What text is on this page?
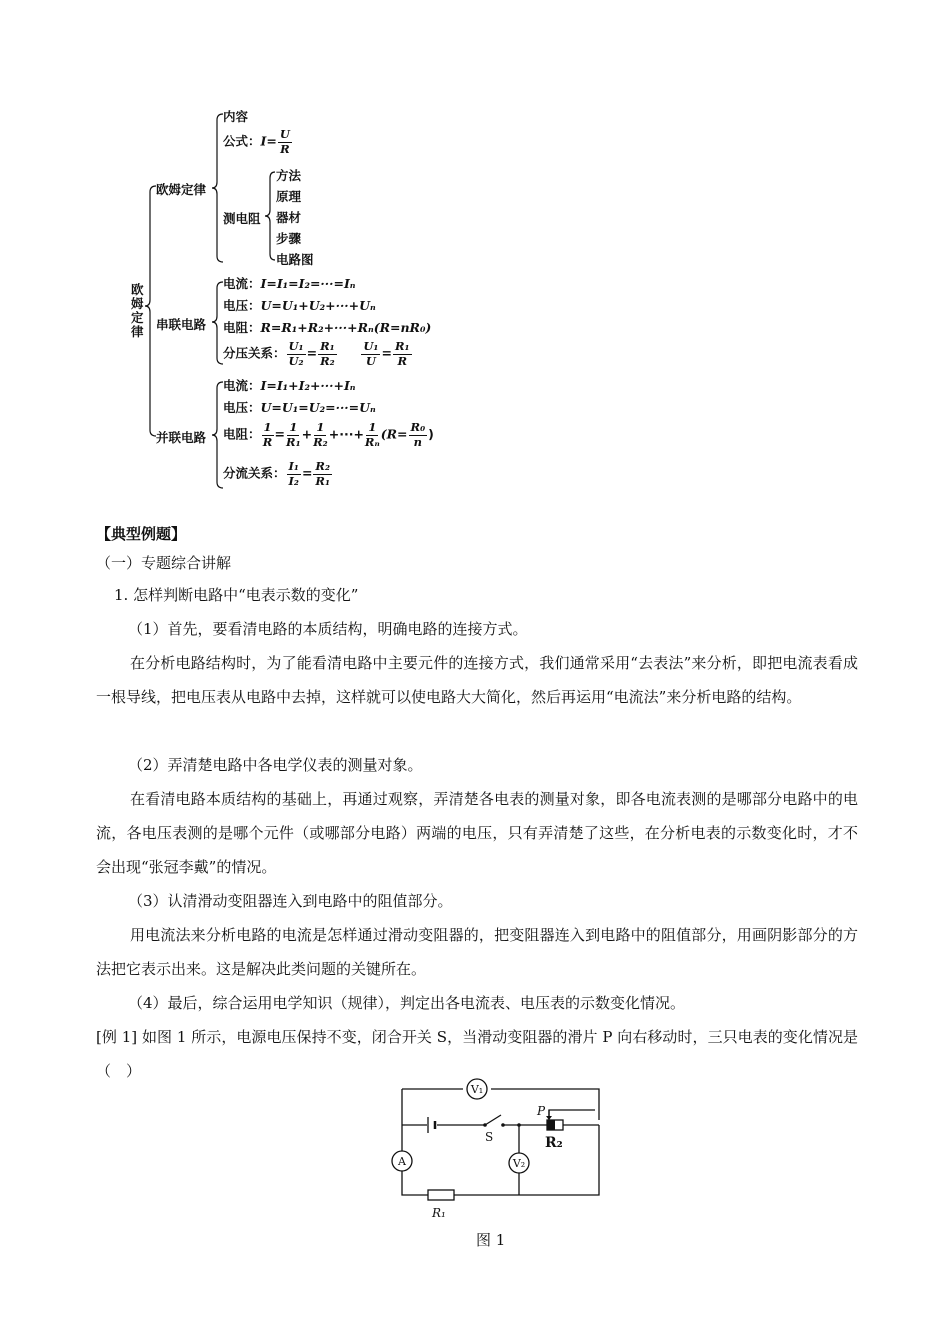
欧姆定律
欧姆定律
内容
公式：$I= \frac{U}{R}$
测电阻
方法
原理
器材
步骤
电路图
串联电路
电流：I=I₁=I₂=···=Iₙ
电压：U=U₁+U₂+···+Uₙ
电阻：R=R₁+R₂+···+Rₙ(R=nR₀)
分压关系： $\frac{\text{U₁}}{\text{U₂}} = \frac{\text{R₁}}{\text{R₂}}$
$\frac{\text{U₁}}{U} = \frac{\text{R₁}}{R}$
并联电路
电流：I=I₁+I₂+···+Iₙ
电压：U=U₁=U₂=···=Uₙ
电阻： $\frac{1}{R} = \frac{1}{\text{R₁}} + \frac{1}{\text{R₂}}$ +···+ $\frac{1}{\text{Rₙ}} (R= \frac{\text{R₀}}{n}$ )
分流关系： $\frac{\text{I₁}}{\text{I₂}} = \frac{\text{R₂}}{\text{R₁}}$
【典型例题】
（一）专题综合讲解
1. 怎样判断电路中“电表示数的变化”
（1）首先，要看清电路的本质结构，明确电路的连接方式。
在分析电路结构时，为了能看清电路中主要元件的连接方式，我们通常采用“去表法”来分析，即把电流表看成一根导线，把电压表从电路中去掉，这样就可以使电路大大简化，然后再运用“电流法”来分析电路的结构。
（2）弄清楚电路中各电学仪表的测量对象。
在看清电路本质结构的基础上，再通过观察，弄清楚各电表的测量对象，即各电流表测的是哪部分电路中的电流，各电压表测的是哪个元件（或哪部分电路）两端的电压，只有弄清楚了这些，在分析电表的示数变化时，才不会出现“张冠李戴”的情况。
（3）认清滑动变阻器连入到电路中的阻值部分。
用电流法来分析电路的电流是怎样通过滑动变阻器的，把变阻器连入到电路中的阻值部分，用画阴影部分的方法把它表示出来。这是解决此类问题的关键所在。
（4）最后，综合运用电学知识（规律），判定出各电流表、电压表的示数变化情况。
[例 1] 如图 1 所示，电源电压保持不变，闭合开关 S，当滑动变阻器的滑片 P 向右移动时，三只电表的变化情况是（　）
S
P
R₂
R₁
V₁
A	V₂
图 1
